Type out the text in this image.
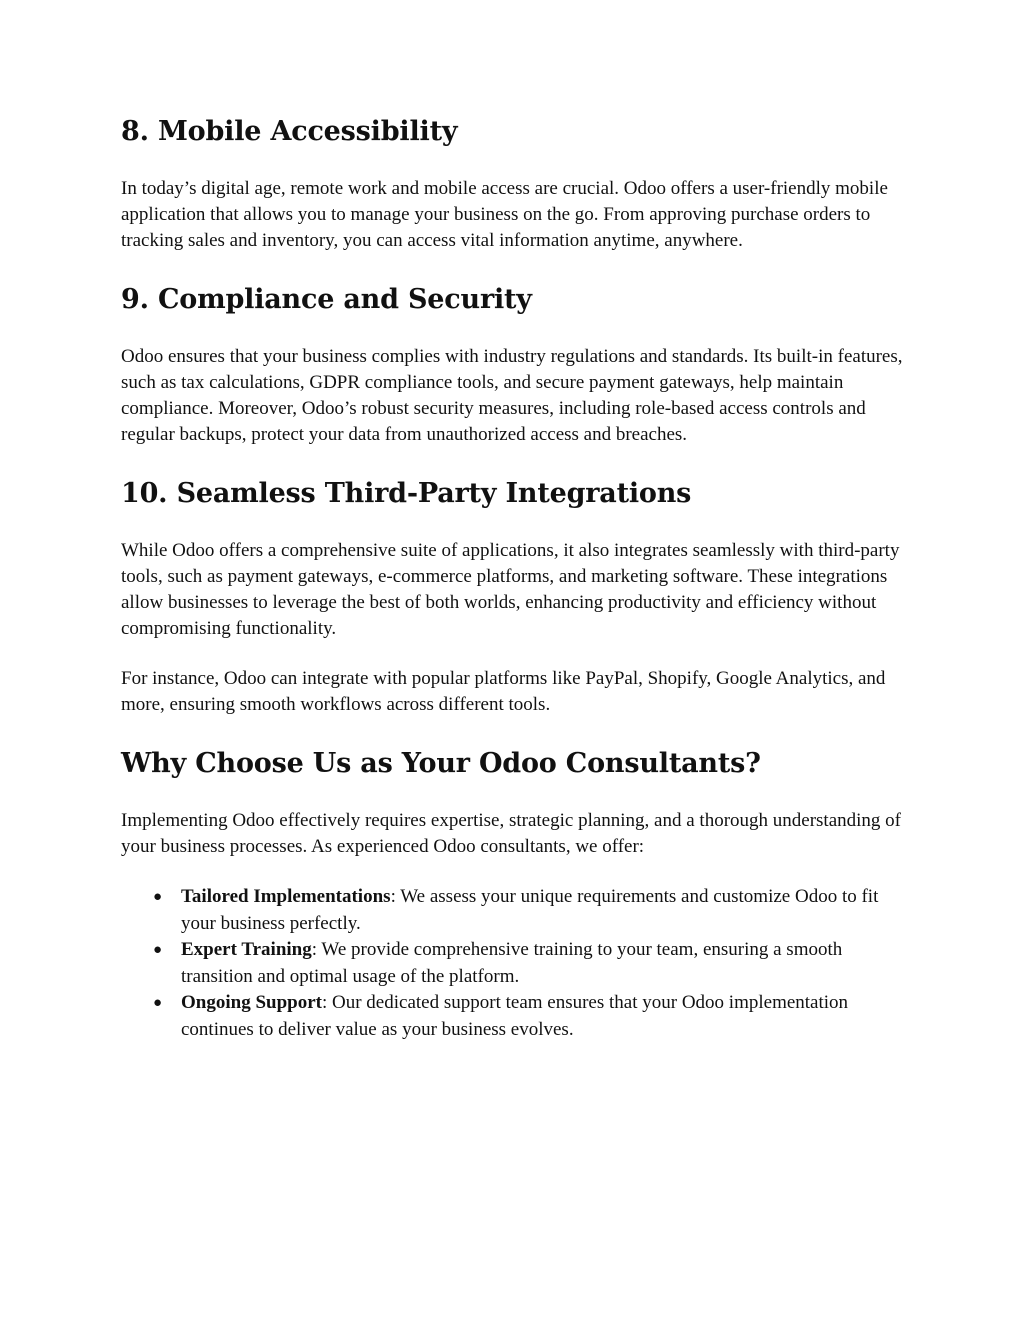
8. Mobile Accessibility

In today’s digital age, remote work and mobile access are crucial. Odoo offers a user-friendly mobile application that allows you to manage your business on the go. From approving purchase orders to tracking sales and inventory, you can access vital information anytime, anywhere.

9. Compliance and Security

Odoo ensures that your business complies with industry regulations and standards. Its built-in features, such as tax calculations, GDPR compliance tools, and secure payment gateways, help maintain compliance. Moreover, Odoo’s robust security measures, including role-based access controls and regular backups, protect your data from unauthorized access and breaches.

10. Seamless Third-Party Integrations

While Odoo offers a comprehensive suite of applications, it also integrates seamlessly with third-party tools, such as payment gateways, e-commerce platforms, and marketing software. These integrations allow businesses to leverage the best of both worlds, enhancing productivity and efficiency without compromising functionality.

For instance, Odoo can integrate with popular platforms like PayPal, Shopify, Google Analytics, and more, ensuring smooth workflows across different tools.

Why Choose Us as Your Odoo Consultants?

Implementing Odoo effectively requires expertise, strategic planning, and a thorough understanding of your business processes. As experienced Odoo consultants, we offer:

● Tailored Implementations: We assess your unique requirements and customize Odoo to fit your business perfectly.
● Expert Training: We provide comprehensive training to your team, ensuring a smooth transition and optimal usage of the platform.
● Ongoing Support: Our dedicated support team ensures that your Odoo implementation continues to deliver value as your business evolves.
